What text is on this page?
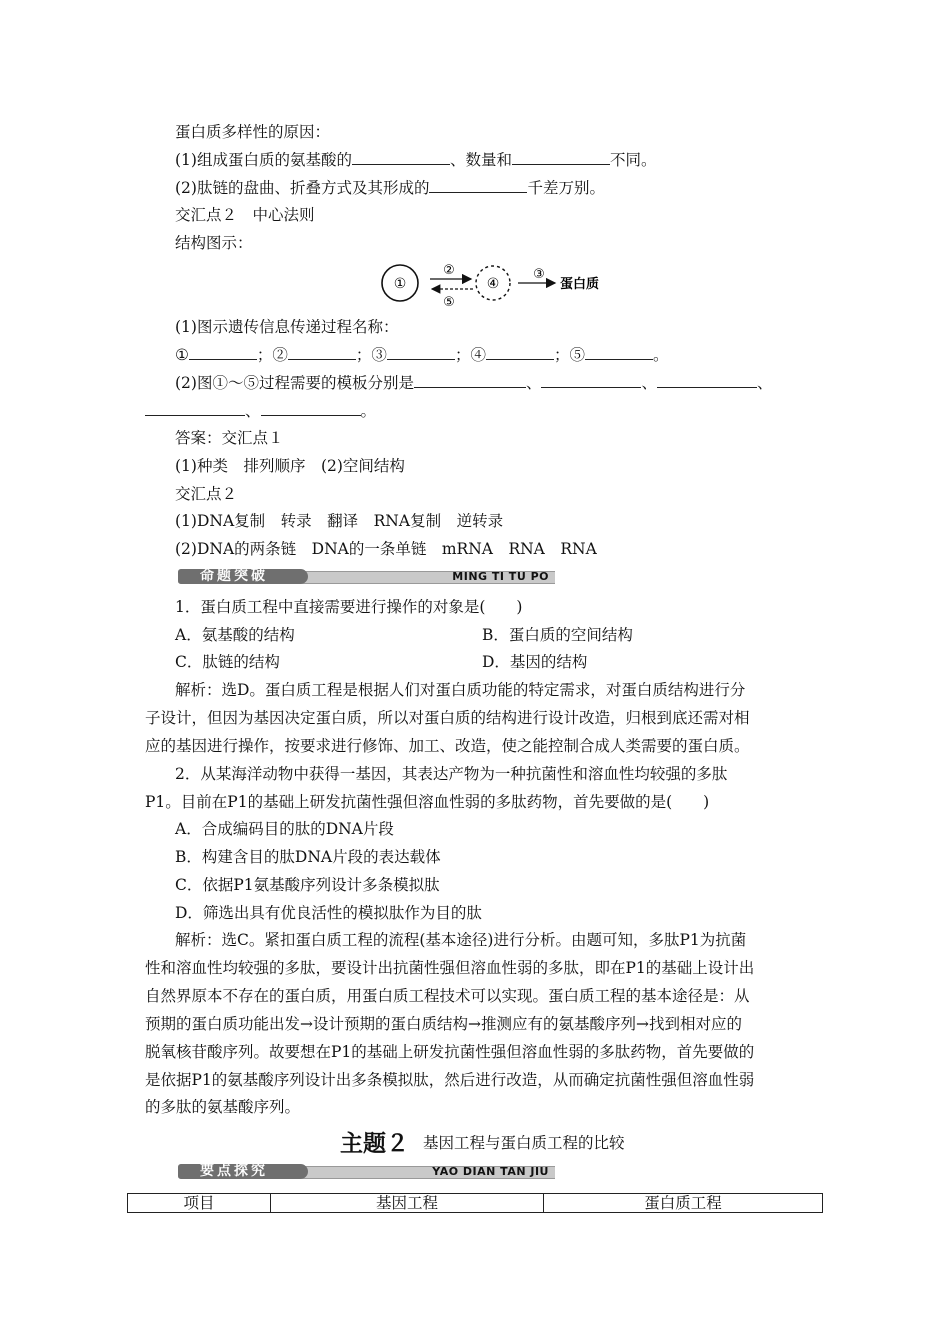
蛋白质多样性的原因：
(1)组成蛋白质的氨基酸的	、数量和	不同。
(2)肽链的盘曲、折叠方式及其形成的	千差万别。
交汇点２　中心法则
结构图示：
①	④
②
⑤
③
蛋白质
(1)图示遗传信息传递过程名称：
①	；②	；③	；④	；⑤	。
(2)图①～⑤过程需要的模板分别是	、	、	、
、	。
答案：交汇点１
(1)种类　排列顺序　(2)空间结构
交汇点２
(1)DNA复制　转录　翻译　RNA复制　逆转录
(2)DNA的两条链　DNA的一条单链　mRNA　RNA　RNA
命题突破	MING TI TU PO
1．蛋白质工程中直接需要进行操作的对象是(　　)
A．氨基酸的结构	B．蛋白质的空间结构
C．肽链的结构	D．基因的结构
解析：选D。蛋白质工程是根据人们对蛋白质功能的特定需求，对蛋白质结构进行分
子设计，但因为基因决定蛋白质，所以对蛋白质的结构进行设计改造，归根到底还需对相
应的基因进行操作，按要求进行修饰、加工、改造，使之能控制合成人类需要的蛋白质。
2．从某海洋动物中获得一基因，其表达产物为一种抗菌性和溶血性均较强的多肽
P1。目前在P1的基础上研发抗菌性强但溶血性弱的多肽药物，首先要做的是(　　)
A．合成编码目的肽的DNA片段
B．构建含目的肽DNA片段的表达载体
C．依据P1氨基酸序列设计多条模拟肽
D．筛选出具有优良活性的模拟肽作为目的肽
解析：选C。紧扣蛋白质工程的流程(基本途径)进行分析。由题可知，多肽P1为抗菌
性和溶血性均较强的多肽，要设计出抗菌性强但溶血性弱的多肽，即在P1的基础上设计出
自然界原本不存在的蛋白质，用蛋白质工程技术可以实现。蛋白质工程的基本途径是：从
预期的蛋白质功能出发→设计预期的蛋白质结构→推测应有的氨基酸序列→找到相对应的
脱氧核苷酸序列。故要想在P1的基础上研发抗菌性强但溶血性弱的多肽药物，首先要做的
是依据P1的氨基酸序列设计出多条模拟肽，然后进行改造，从而确定抗菌性强但溶血性弱
的多肽的氨基酸序列。
主题２ 基因工程与蛋白质工程的比较
要点探究	YAO DIAN TAN JIU
项目	基因工程	蛋白质工程
